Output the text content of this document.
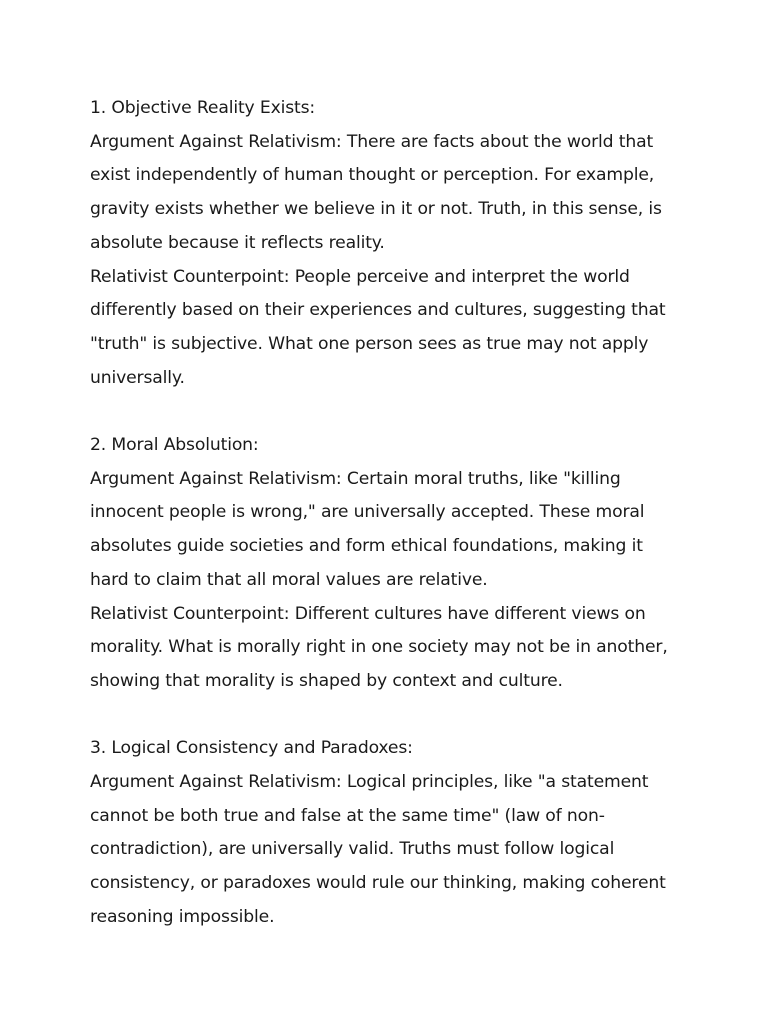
1. Objective Reality Exists:
Argument Against Relativism: There are facts about the world that
exist independently of human thought or perception. For example,
gravity exists whether we believe in it or not. Truth, in this sense, is
absolute because it reflects reality.
Relativist Counterpoint: People perceive and interpret the world
differently based on their experiences and cultures, suggesting that
"truth" is subjective. What one person sees as true may not apply
universally.
2. Moral Absolution:
Argument Against Relativism: Certain moral truths, like "killing
innocent people is wrong," are universally accepted. These moral
absolutes guide societies and form ethical foundations, making it
hard to claim that all moral values are relative.
Relativist Counterpoint: Different cultures have different views on
morality. What is morally right in one society may not be in another,
showing that morality is shaped by context and culture.
3. Logical Consistency and Paradoxes:
Argument Against Relativism: Logical principles, like "a statement
cannot be both true and false at the same time" (law of non-
contradiction), are universally valid. Truths must follow logical
consistency, or paradoxes would rule our thinking, making coherent
reasoning impossible.
